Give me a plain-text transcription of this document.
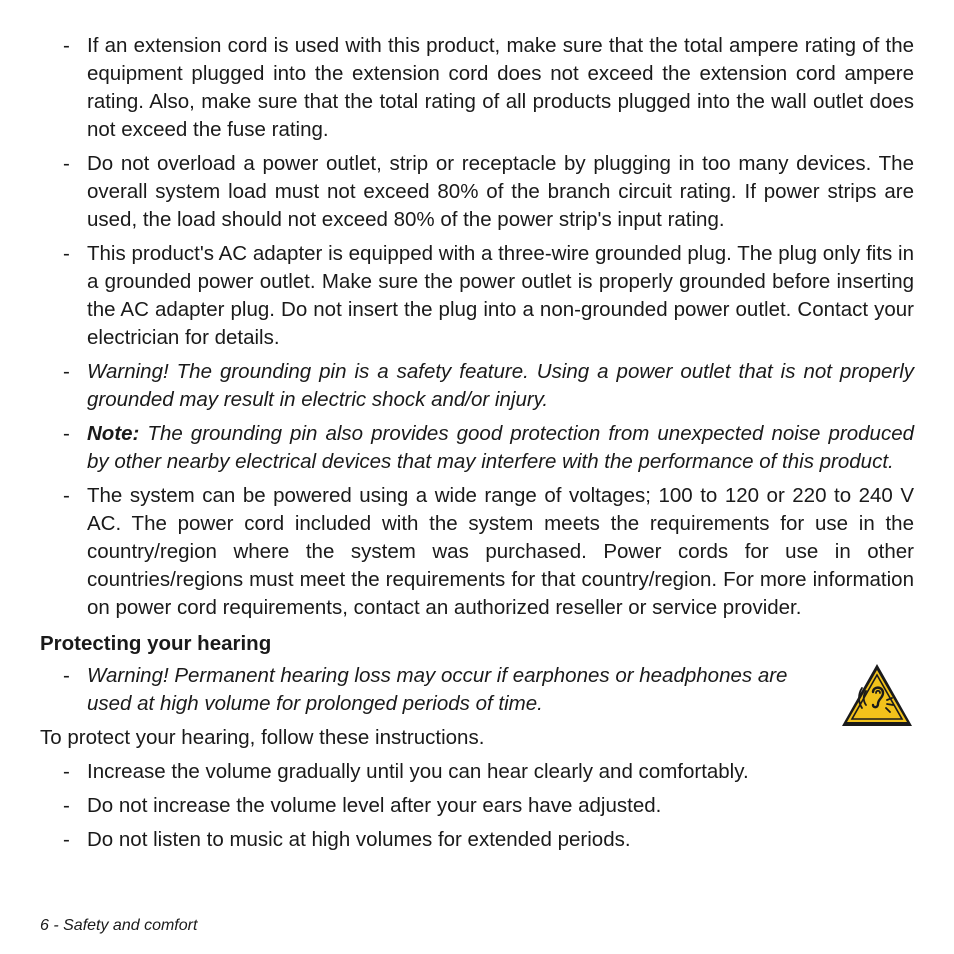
- If an extension cord is used with this product, make sure that the total ampere rating of the equipment plugged into the extension cord does not exceed the extension cord ampere rating. Also, make sure that the total rating of all products plugged into the wall outlet does not exceed the fuse rating.
- Do not overload a power outlet, strip or receptacle by plugging in too many devices. The overall system load must not exceed 80% of the branch circuit rating. If power strips are used, the load should not exceed 80% of the power strip's input rating.
- This product's AC adapter is equipped with a three-wire grounded plug. The plug only fits in a grounded power outlet. Make sure the power outlet is properly grounded before inserting the AC adapter plug. Do not insert the plug into a non-grounded power outlet. Contact your electrician for details.
- Warning! The grounding pin is a safety feature. Using a power outlet that is not properly grounded may result in electric shock and/or injury.
- Note: The grounding pin also provides good protection from unexpected noise produced by other nearby electrical devices that may interfere with the performance of this product.
- The system can be powered using a wide range of voltages; 100 to 120 or 220 to 240 V AC. The power cord included with the system meets the requirements for use in the country/region where the system was purchased. Power cords for use in other countries/regions must meet the requirements for that country/region. For more information on power cord requirements, contact an authorized reseller or service provider.
Protecting your hearing
- Warning! Permanent hearing loss may occur if earphones or headphones are used at high volume for prolonged periods of time.

To protect your hearing, follow these instructions.

- Increase the volume gradually until you can hear clearly and comfortably.
- Do not increase the volume level after your ears have adjusted.
- Do not listen to music at high volumes for extended periods.
6 - Safety and comfort
